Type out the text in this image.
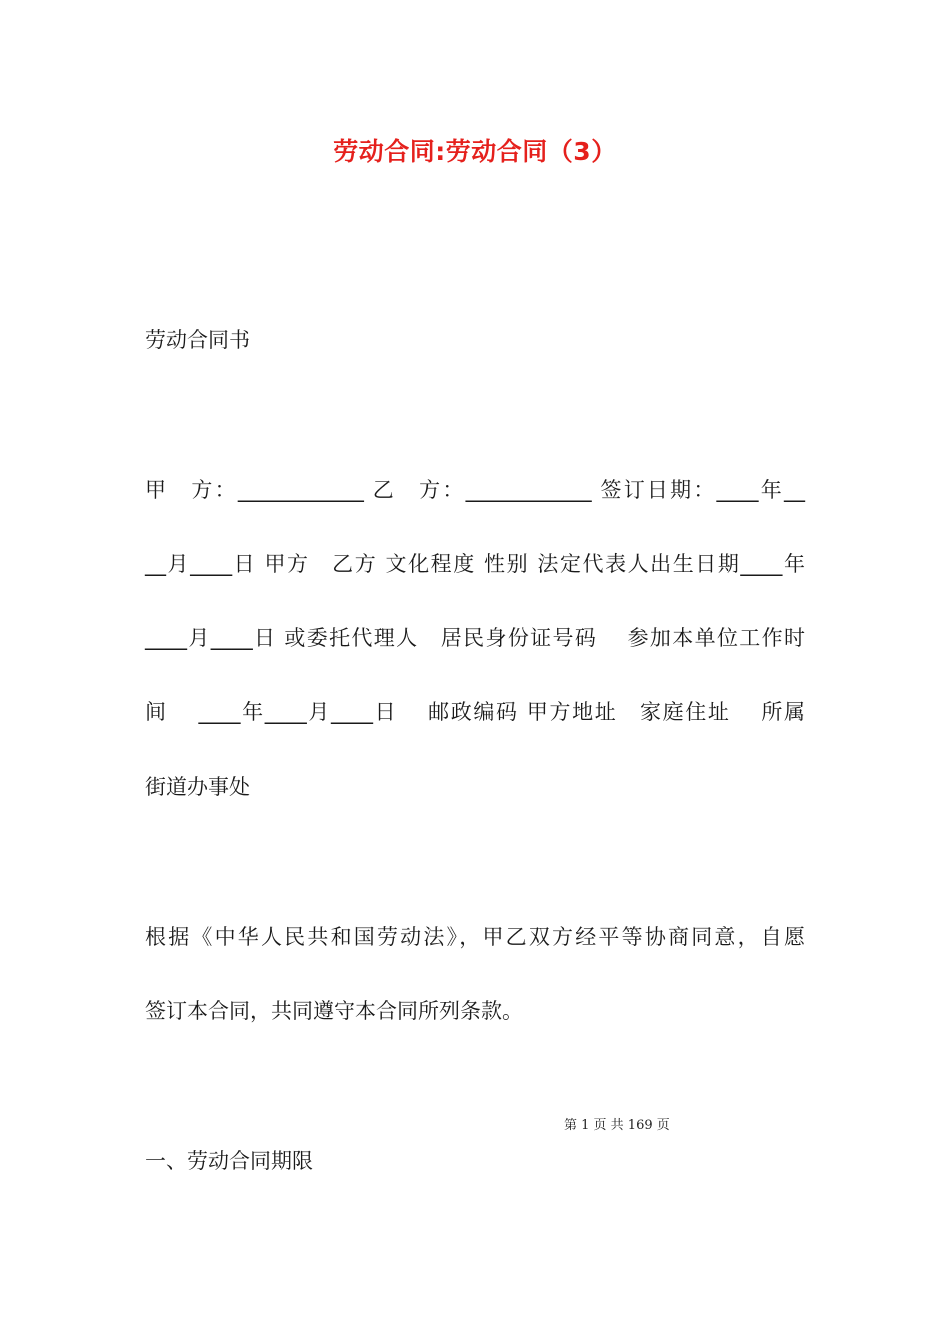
劳动合同:劳动合同（3）
劳动合同书
甲　方：____________ 乙　方：____________ 签订日期：____年__
__月____日 甲方　乙方 文化程度 性别 法定代表人出生日期____年
____月____日 或委托代理人　居民身份证号码　 参加本单位工作时
间　 ____年____月____日　 邮政编码 甲方地址　家庭住址　 所属
街道办事处
根据《中华人民共和国劳动法》，甲乙双方经平等协商同意，自愿
签订本合同，共同遵守本合同所列条款。
第 1 页 共 169 页
一、劳动合同期限
